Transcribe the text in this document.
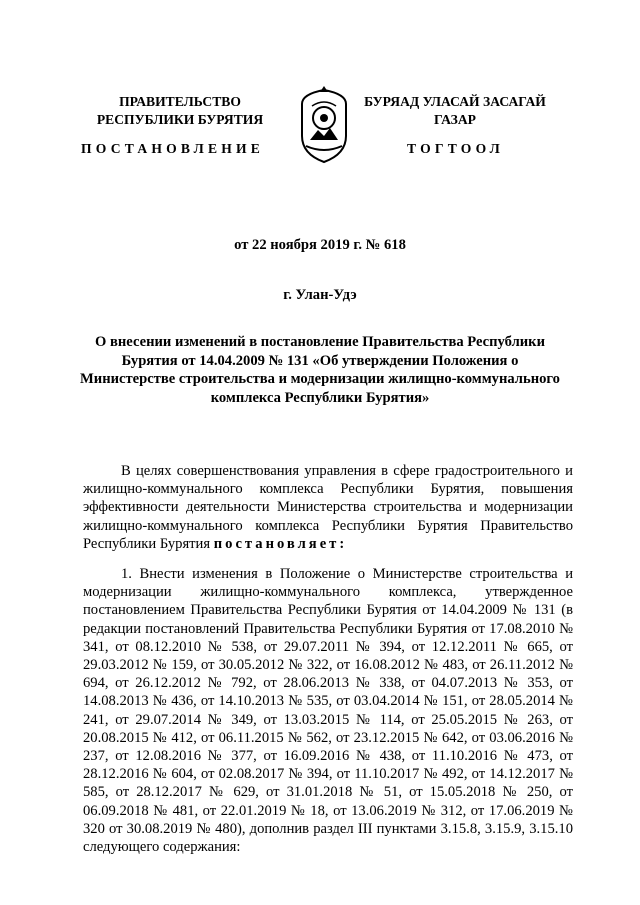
ПРАВИТЕЛЬСТВО РЕСПУБЛИКИ БУРЯТИЯ
БУРЯАД УЛАСАЙ ЗАСАГАЙ ГАЗАР
ПОСТАНОВЛЕНИЕ	ТОГТООЛ
от 22 ноября 2019 г. № 618
г. Улан-Удэ
О внесении изменений в постановление Правительства Республики Бурятия от 14.04.2009 № 131 «Об утверждении Положения о Министерстве строительства и модернизации жилищно-коммунального комплекса Республики Бурятия»
В целях совершенствования управления в сфере градостроительного и жилищно-коммунального комплекса Республики Бурятия, повышения эффективности деятельности Министерства строительства и модернизации жилищно-коммунального комплекса Республики Бурятия Правительство Республики Бурятия постановляет:
1. Внести изменения в Положение о Министерстве строительства и модернизации жилищно-коммунального комплекса, утвержденное постановлением Правительства Республики Бурятия от 14.04.2009 № 131 (в редакции постановлений Правительства Республики Бурятия от 17.08.2010 № 341, от 08.12.2010 № 538, от 29.07.2011 № 394, от 12.12.2011 № 665, от 29.03.2012 № 159, от 30.05.2012 № 322, от 16.08.2012 № 483, от 26.11.2012 № 694, от 26.12.2012 № 792, от 28.06.2013 № 338, от 04.07.2013 № 353, от 14.08.2013 № 436, от 14.10.2013 № 535, от 03.04.2014 № 151, от 28.05.2014 № 241, от 29.07.2014 № 349, от 13.03.2015 № 114, от 25.05.2015 № 263, от 20.08.2015 № 412, от 06.11.2015 № 562, от 23.12.2015 № 642, от 03.06.2016 № 237, от 12.08.2016 № 377, от 16.09.2016 № 438, от 11.10.2016 № 473, от 28.12.2016 № 604, от 02.08.2017 № 394, от 11.10.2017 № 492, от 14.12.2017 № 585, от 28.12.2017 № 629, от 31.01.2018 № 51, от 15.05.2018 № 250, от 06.09.2018 № 481, от 22.01.2019 № 18, от 13.06.2019 № 312, от 17.06.2019 № 320 от 30.08.2019 № 480), дополнив раздел III пунктами 3.15.8, 3.15.9, 3.15.10 следующего содержания:
